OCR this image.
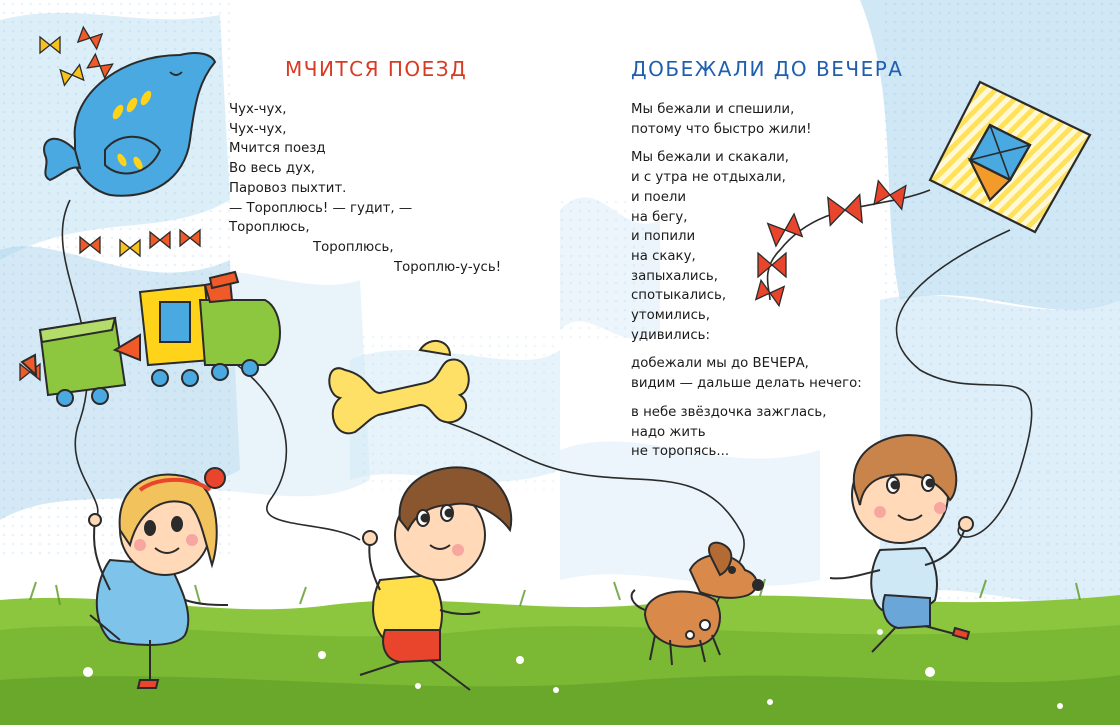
МЧИТСЯ ПОЕЗД
Чух-чух,
Чух-чух,
Мчится поезд
Во весь дух,
Паровоз пыхтит.
— Тороплюсь! — гудит, —
Тороплюсь,
Тороплюсь,
Тороплю-у-усь!
ДОБЕЖАЛИ ДО ВЕЧЕРА
Мы бежали и спешили,
потому что быстро жили!
Мы бежали и скакали,
и с утра не отдыхали,
и поели
на бегу,
и попили
на скаку,
запыхались,
спотыкались,
утомились,
удивились:
добежали мы до ВЕЧЕРА,
видим — дальше делать нечего:
в небе звёздочка зажглась,
надо жить
не торопясь...
